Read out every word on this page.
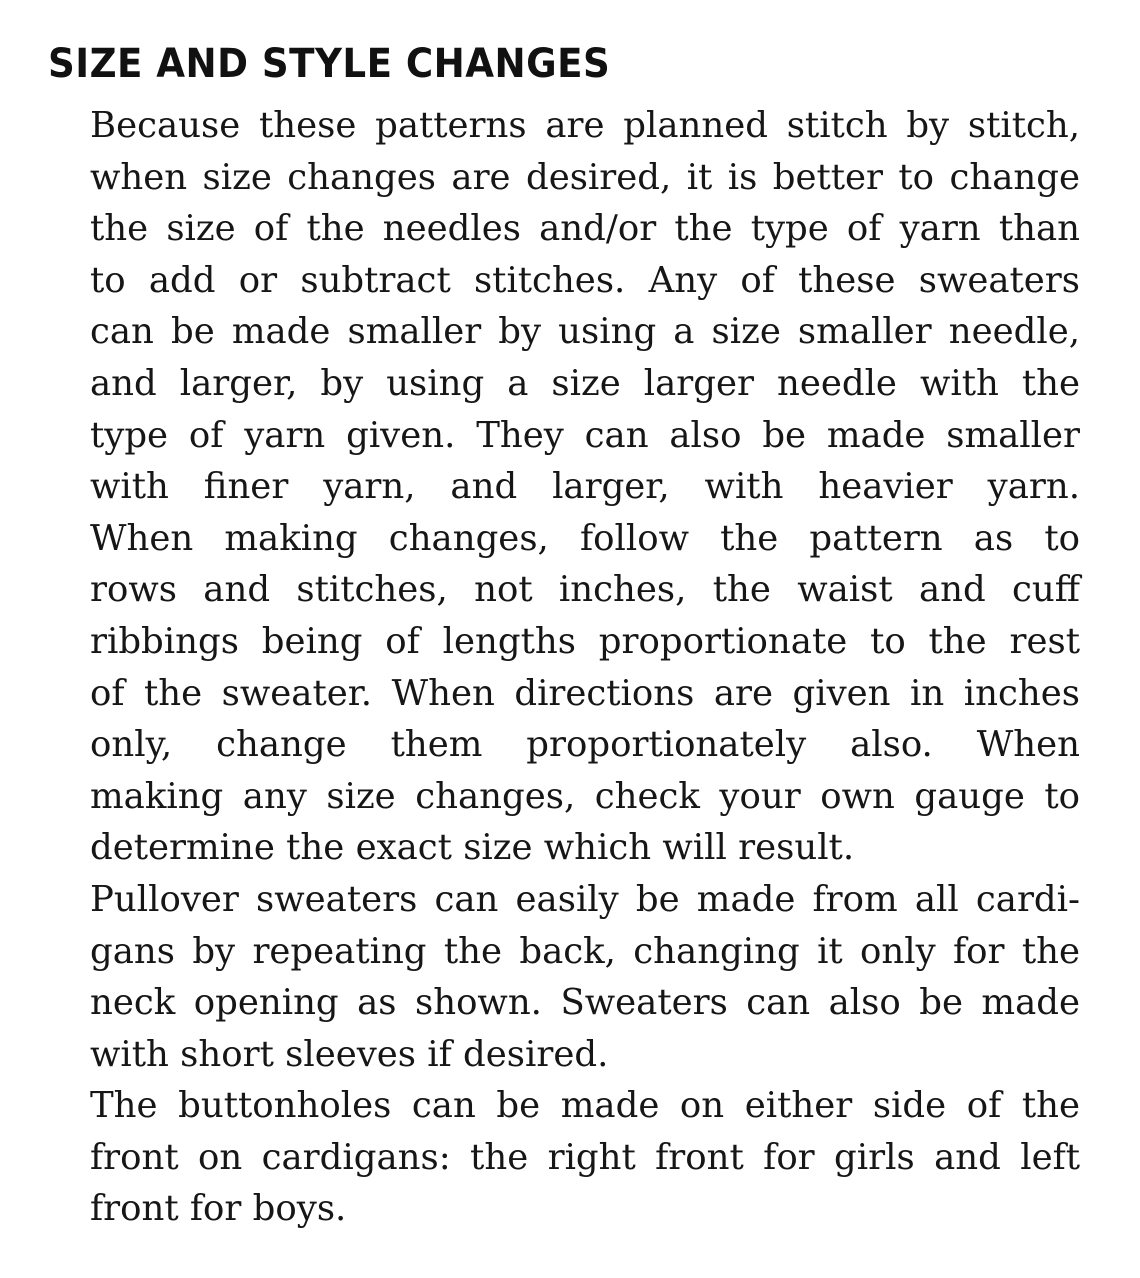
SIZE AND STYLE CHANGES

Because these patterns are planned stitch by stitch,
when size changes are desired, it is better to change
the size of the needles and/or the type of yarn than
to add or subtract stitches. Any of these sweaters
can be made smaller by using a size smaller needle,
and larger, by using a size larger needle with the
type of yarn given. They can also be made smaller
with finer yarn, and larger, with heavier yarn.
When making changes, follow the pattern as to
rows and stitches, not inches, the waist and cuff
ribbings being of lengths proportionate to the rest
of the sweater. When directions are given in inches
only, change them proportionately also. When
making any size changes, check your own gauge to
determine the exact size which will result.

Pullover sweaters can easily be made from all cardi-
gans by repeating the back, changing it only for the
neck opening as shown. Sweaters can also be made
with short sleeves if desired.

The buttonholes can be made on either side of the
front on cardigans: the right front for girls and left
front for boys.
